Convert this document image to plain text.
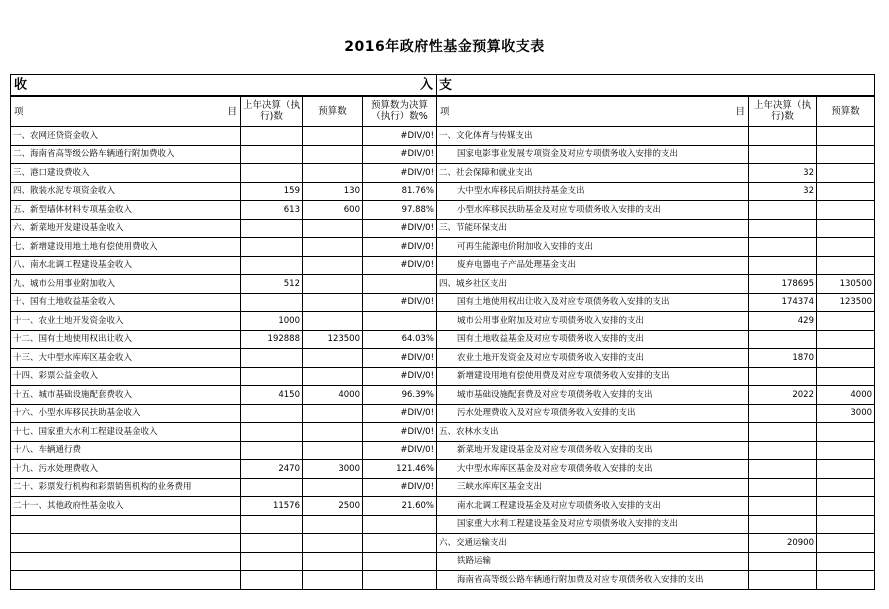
2016年政府性基金预算收支表
收 入				支		

项 目	上年决算（执行)数	预算数	预算数为决算（执行）数%	项 目	上年决算（执行)数	预算数
一、农网还贷资金收入			#DIV/0!	一、文化体育与传媒支出		
二、海南省高等级公路车辆通行附加费收入			#DIV/0!	国家电影事业发展专项资金及对应专项债务收入安排的支出		
三、港口建设费收入			#DIV/0!	二、社会保障和就业支出	32	
四、散装水泥专项资金收入	159	130	81.76%	大中型水库移民后期扶持基金支出	32	
五、新型墙体材料专项基金收入	613	600	97.88%	小型水库移民扶助基金及对应专项债务收入安排的支出		
六、新菜地开发建设基金收入			#DIV/0!	三、节能环保支出		
七、新增建设用地土地有偿使用费收入			#DIV/0!	可再生能源电价附加收入安排的支出		
八、南水北调工程建设基金收入			#DIV/0!	废弃电器电子产品处理基金支出		
九、城市公用事业附加收入	512			四、城乡社区支出	178695	130500
十、国有土地收益基金收入			#DIV/0!	国有土地使用权出让收入及对应专项债务收入安排的支出	174374	123500
十一、农业土地开发资金收入	1000			城市公用事业附加及对应专项债务收入安排的支出	429	
十二、国有土地使用权出让收入	192888	123500	64.03%	国有土地收益基金及对应专项债务收入安排的支出		
十三、大中型水库库区基金收入			#DIV/0!	农业土地开发资金及对应专项债务收入安排的支出	1870	
十四、彩票公益金收入			#DIV/0!	新增建设用地有偿使用费及对应专项债务收入安排的支出		
十五、城市基础设施配套费收入	4150	4000	96.39%	城市基础设施配套费及对应专项债务收入安排的支出	2022	4000
十六、小型水库移民扶助基金收入			#DIV/0!	污水处理费收入及对应专项债务收入安排的支出		3000
十七、国家重大水利工程建设基金收入			#DIV/0!	五、农林水支出		
十八、车辆通行费			#DIV/0!	新菜地开发建设基金及对应专项债务收入安排的支出		
十九、污水处理费收入	2470	3000	121.46%	大中型水库库区基金及对应专项债务收入安排的支出		
二十、彩票发行机构和彩票销售机构的业务费用			#DIV/0!	三峡水库库区基金支出		
二十一、其他政府性基金收入	11576	2500	21.60%	南水北调工程建设基金及对应专项债务收入安排的支出		
				国家重大水利工程建设基金及对应专项债务收入安排的支出		
				六、交通运输支出	20900	
				铁路运输		
				海南省高等级公路车辆通行附加费及对应专项债务收入安排的支出		
